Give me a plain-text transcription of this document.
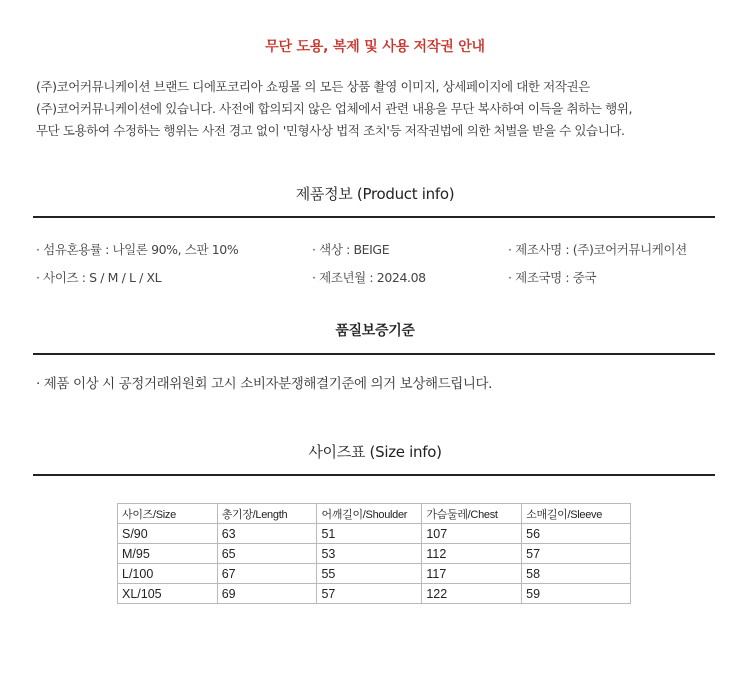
무단 도용, 복제 및 사용 저작권 안내
(주)코어커뮤니케이션 브랜드 디에포코리아 쇼핑몰 의 모든 상품 촬영 이미지, 상세페이지에 대한 저작권은
(주)코어커뮤니케이션에 있습니다. 사전에 합의되지 않은 업체에서 관련 내용을 무단 복사하여 이득을 취하는 행위,
무단 도용하여 수정하는 행위는 사전 경고 없이 '민형사상 법적 조치'등 저작권법에 의한 처벌을 받을 수 있습니다.
제품정보 (Product info)
· 섬유혼용률 : 나일론 90%, 스판 10%	· 색상 : BEIGE	· 제조사명 : (주)코어커뮤니케이션
· 사이즈 : S / M / L / XL	· 제조년월 : 2024.08	· 제조국명 : 중국
품질보증기준
· 제품 이상 시 공정거래위원회 고시 소비자분쟁해결기준에 의거 보상해드립니다.
사이즈표 (Size info)
사이즈/Size	총기장/Length	어깨길이/Shoulder	가슴둘레/Chest	소매길이/Sleeve
S/90	63	51	107	56
M/95	65	53	112	57
L/100	67	55	117	58
XL/105	69	57	122	59
